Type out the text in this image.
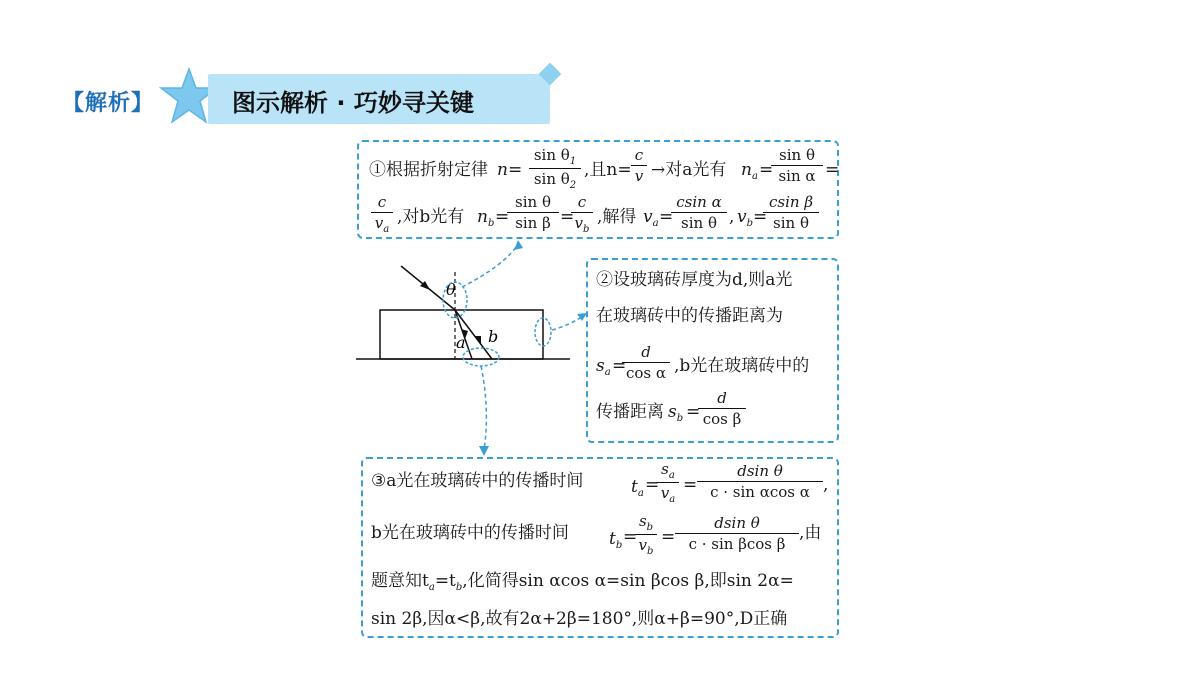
【解析】	图示解析 · 巧妙寻关键
①根据折射定律 n=
$\sin \theta_1$
$\sin \theta_2$
,且n=
c
v →对a光有 $n_a$ =
sin θ
sin α =
c
$v_a$
,对b光有 $n_b$ =
sin θ
sin β =
c
$v_b$
,解得 $v_a$ =
csin α
sin θ , $v_b$ =
csin β
sin θ
②设玻璃砖厚度为d,则a光
在玻璃砖中的传播距离为
$s_a$ =
d
cos α ,b光在玻璃砖中的
传播距离 $s_b$ =
d
cos β
③a光在玻璃砖中的传播时间	$t_a$ =
$s_a$
$v_a$
=
dsin θ
c · sin αcos α ,
b光在玻璃砖中的传播时间 $t_b$ =
$s_b$
$v_b$
=
dsin θ
c · sin βcos β
,由
题意知$t_a=t_b$,化简得sin αcos α=sin βcos β,即sin 2α=
sin 2β,因α<β,故有2α+2β=180°,则α+β=90°,D正确
θ
a b
